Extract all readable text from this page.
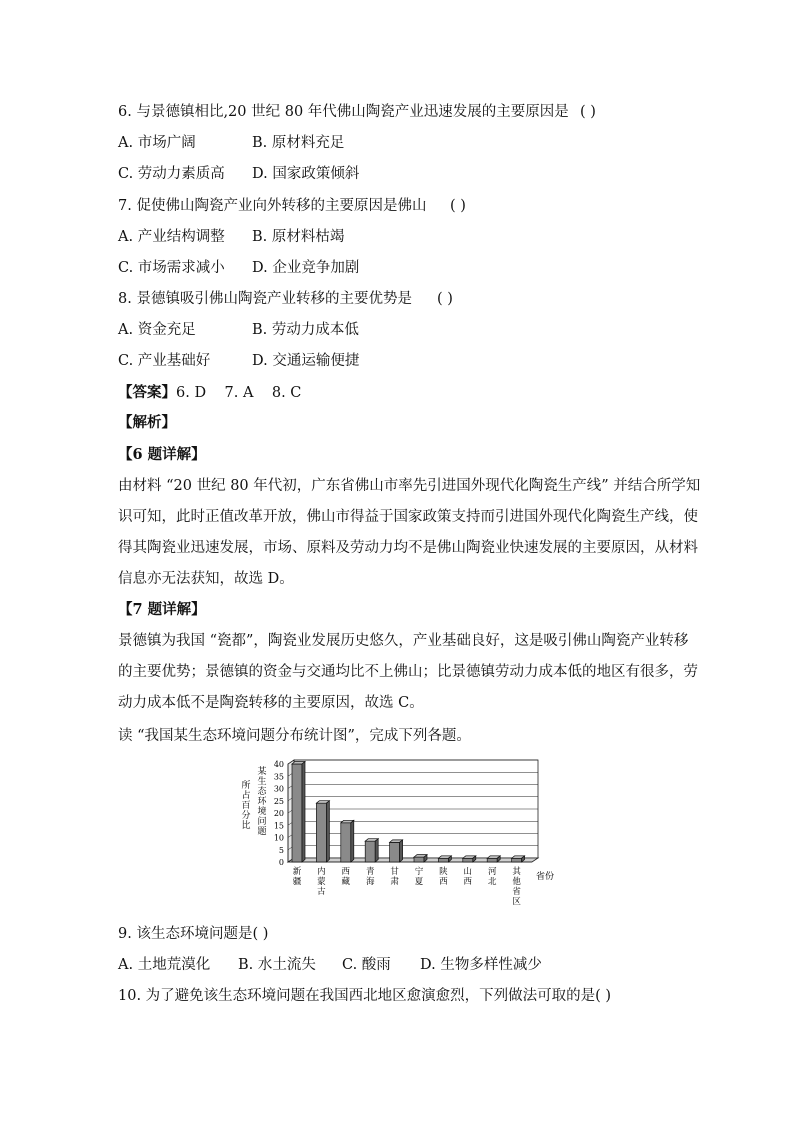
6. 与景德镇相比,20 世纪 80 年代佛山陶瓷产业迅速发展的主要原因是 ( )
A. 市场广阔	B. 原材料充足
C. 劳动力素质高 D. 国家政策倾斜
7. 促使佛山陶瓷产业向外转移的主要原因是佛山 ( )
A. 产业结构调整 B. 原材料枯竭
C. 市场需求减小 D. 企业竞争加剧
8. 景德镇吸引佛山陶瓷产业转移的主要优势是 ( )
A. 资金充足	B. 劳动力成本低
C. 产业基础好	D. 交通运输便捷
【答案】6. D    7. A    8. C
【解析】
【6 题详解】
由材料 “20 世纪 80 年代初，广东省佛山市率先引进国外现代化陶瓷生产线” 并结合所学知
识可知，此时正值改革开放，佛山市得益于国家政策支持而引进国外现代化陶瓷生产线，使
得其陶瓷业迅速发展，市场、原料及劳动力均不是佛山陶瓷业快速发展的主要原因，从材料
信息亦无法获知，故选 D。
【7 题详解】
景德镇为我国 “瓷都”，陶瓷业发展历史悠久，产业基础良好，这是吸引佛山陶瓷产业转移
的主要优势；景德镇的资金与交通均比不上佛山；比景德镇劳动力成本低的地区有很多，劳
动力成本低不是陶瓷转移的主要原因，故选 C。
读 “我国某生态环境问题分布统计图”，完成下列各题。
0
5
10
15
20
25
30
35
40
新
疆
内
蒙
古
西
藏
青
海
甘
肃
宁
夏
陕
西
山
西
河
北
其
他
省
区
某
生
态
环
境
问
题
所
占
百
分
比
省份
9. 该生态环境问题是( )
A. 土地荒漠化 B. 水土流失 C. 酸雨 D. 生物多样性减少
10. 为了避免该生态环境问题在我国西北地区愈演愈烈，下列做法可取的是( )
